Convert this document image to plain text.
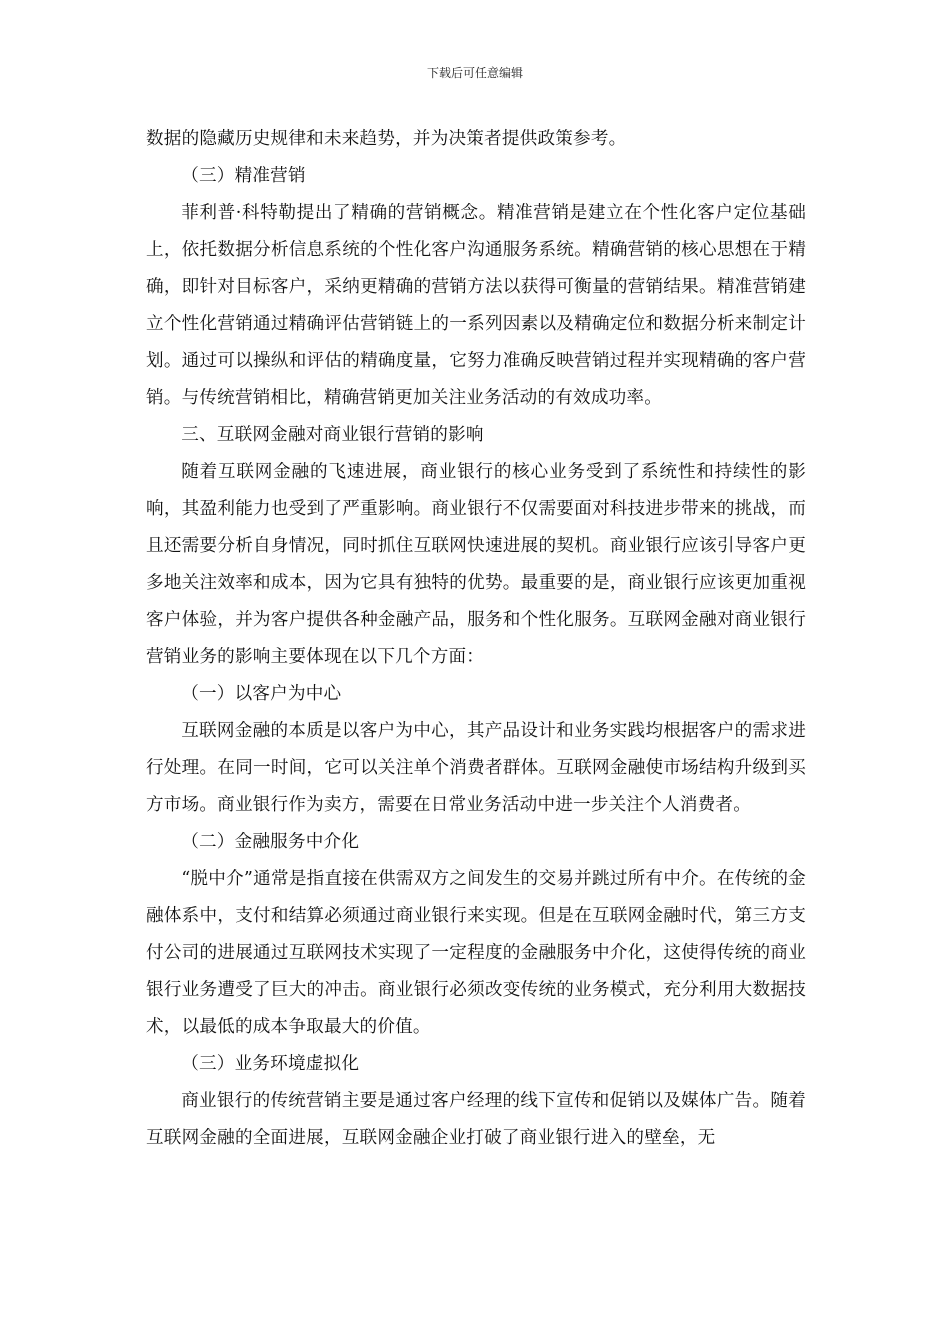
下载后可任意编辑

数据的隐藏历史规律和未来趋势，并为决策者提供政策参考。

（三）精准营销

菲利普·科特勒提出了精确的营销概念。精准营销是建立在个性化客户定位基础上，依托数据分析信息系统的个性化客户沟通服务系统。精确营销的核心思想在于精确，即针对目标客户，采纳更精确的营销方法以获得可衡量的营销结果。精准营销建立个性化营销通过精确评估营销链上的一系列因素以及精确定位和数据分析来制定计划。通过可以操纵和评估的精确度量，它努力准确反映营销过程并实现精确的客户营销。与传统营销相比，精确营销更加关注业务活动的有效成功率。

三、互联网金融对商业银行营销的影响

随着互联网金融的飞速进展，商业银行的核心业务受到了系统性和持续性的影响，其盈利能力也受到了严重影响。商业银行不仅需要面对科技进步带来的挑战，而且还需要分析自身情况，同时抓住互联网快速进展的契机。商业银行应该引导客户更多地关注效率和成本，因为它具有独特的优势。最重要的是，商业银行应该更加重视客户体验，并为客户提供各种金融产品，服务和个性化服务。互联网金融对商业银行营销业务的影响主要体现在以下几个方面：

（一）以客户为中心

互联网金融的本质是以客户为中心，其产品设计和业务实践均根据客户的需求进行处理。在同一时间，它可以关注单个消费者群体。互联网金融使市场结构升级到买方市场。商业银行作为卖方，需要在日常业务活动中进一步关注个人消费者。

（二）金融服务中介化

“脱中介”通常是指直接在供需双方之间发生的交易并跳过所有中介。在传统的金融体系中，支付和结算必须通过商业银行来实现。但是在互联网金融时代，第三方支付公司的进展通过互联网技术实现了一定程度的金融服务中介化，这使得传统的商业银行业务遭受了巨大的冲击。商业银行必须改变传统的业务模式，充分利用大数据技术，以最低的成本争取最大的价值。

（三）业务环境虚拟化

商业银行的传统营销主要是通过客户经理的线下宣传和促销以及媒体广告。随着互联网金融的全面进展，互联网金融企业打破了商业银行进入的壁垒，无
